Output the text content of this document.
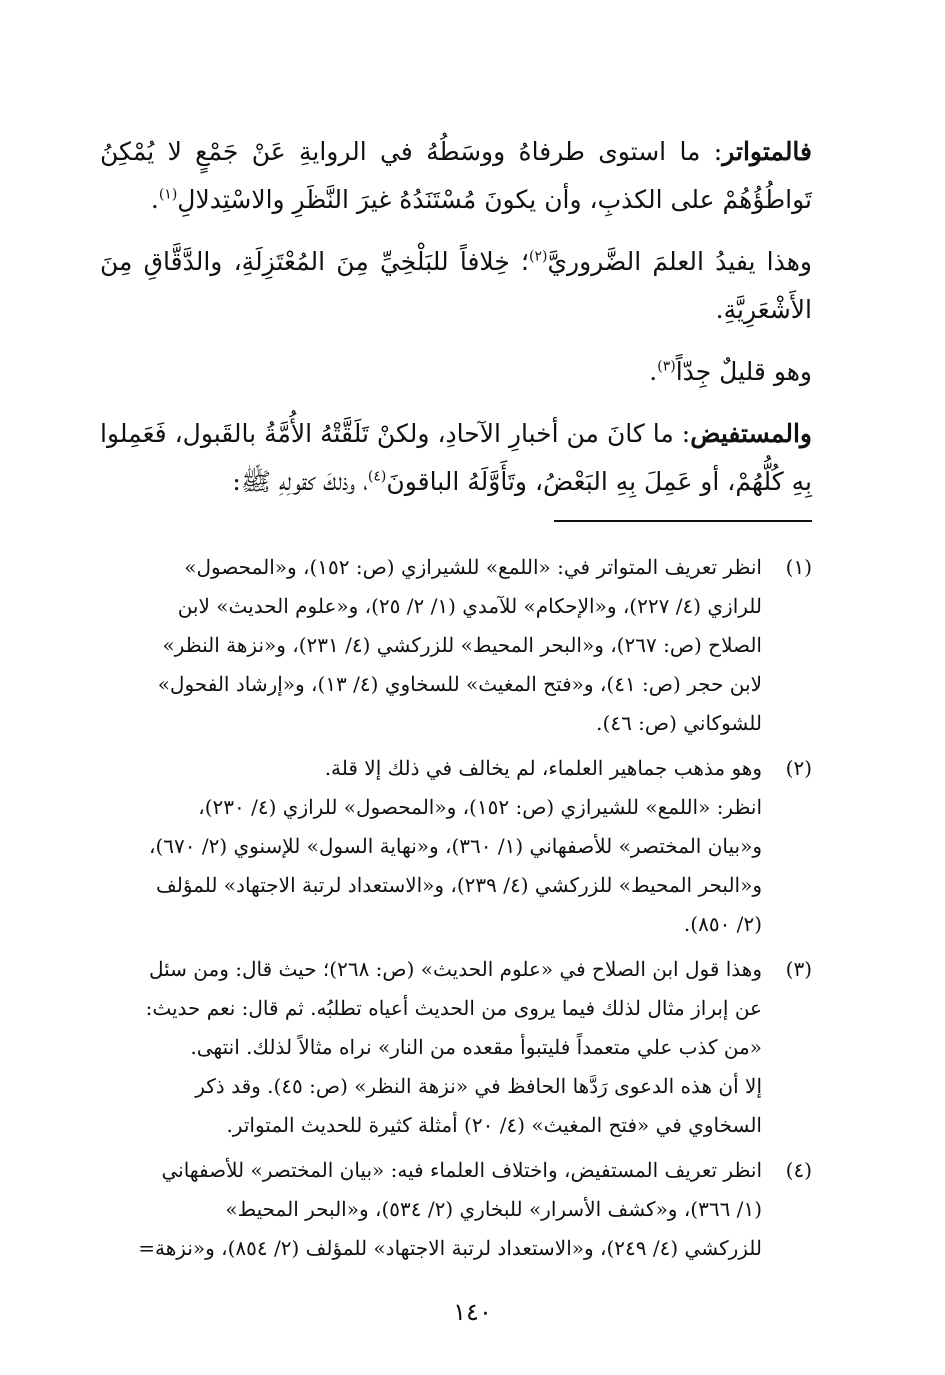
فالمتواتر: ما استوى طرفاهُ ووسَطُهُ في الروايةِ عَنْ جَمْعٍ لا يُمْكِنُ تَواطُؤُهُمْ على الكذبِ، وأن يكونَ مُسْتَنَدُهُ غيرَ النَّظَرِ والاسْتِدلالِ$^{(١)}$.

وهذا يفيدُ العلمَ الضَّروريَّ$^{(٢)}$؛ خِلافاً للبَلْخِيِّ مِنَ المُعْتَزِلَةِ، والدَّقَّاقِ مِنَ الأَشْعَرِيَّةِ.

وهو قليلٌ جِدّاً$^{(٣)}$.

والمستفيض: ما كانَ من أخبارِ الآحادِ، ولكنْ تَلَقَّتْهُ الأُمَّةُ بالقَبول، فَعَمِلوا بِهِ كُلُّهُمْ، أو عَمِلَ بِهِ البَعْضُ، وتَأَوَّلَهُ الباقونَ$^{(٤)}$، وذلكَ كقولِهِ ﷺ:

(١)

انظر تعريف المتواتر في: «اللمع» للشيرازي (ص: ١٥٢)، و«المحصول»

للرازي (٤/ ٢٢٧)، و«الإحكام» للآمدي (١/ ٢/ ٢٥)، و«علوم الحديث» لابن

الصلاح (ص: ٢٦٧)، و«البحر المحيط» للزركشي (٤/ ٢٣١)، و«نزهة النظر»

لابن حجر (ص: ٤١)، و«فتح المغيث» للسخاوي (٤/ ١٣)، و«إرشاد الفحول»

للشوكاني (ص: ٤٦).

(٢)

وهو مذهب جماهير العلماء، لم يخالف في ذلك إلا قلة.

انظر: «اللمع» للشيرازي (ص: ١٥٢)، و«المحصول» للرازي (٤/ ٢٣٠)،

و«بيان المختصر» للأصفهاني (١/ ٣٦٠)، و«نهاية السول» للإسنوي (٢/ ٦٧٠)،

و«البحر المحيط» للزركشي (٤/ ٢٣٩)، و«الاستعداد لرتبة الاجتهاد» للمؤلف

(٢/ ٨٥٠).

(٣)

وهذا قول ابن الصلاح في «علوم الحديث» (ص: ٢٦٨)؛ حيث قال: ومن سئل

عن إبراز مثال لذلك فيما يروى من الحديث أعياه تطلبُه. ثم قال: نعم حديث:

«من كذب علي متعمداً فليتبوأ مقعده من النار» نراه مثالاً لذلك. انتهى.

إلا أن هذه الدعوى رَدَّها الحافظ في «نزهة النظر» (ص: ٤٥). وقد ذكر

السخاوي في «فتح المغيث» (٤/ ٢٠) أمثلة كثيرة للحديث المتواتر.

(٤)

انظر تعريف المستفيض، واختلاف العلماء فيه: «بيان المختصر» للأصفهاني

(١/ ٣٦٦)، و«كشف الأسرار» للبخاري (٢/ ٥٣٤)، و«البحر المحيط»

للزركشي (٤/ ٢٤٩)، و«الاستعداد لرتبة الاجتهاد» للمؤلف (٢/ ٨٥٤)، و«نزهة=

١٤٠
